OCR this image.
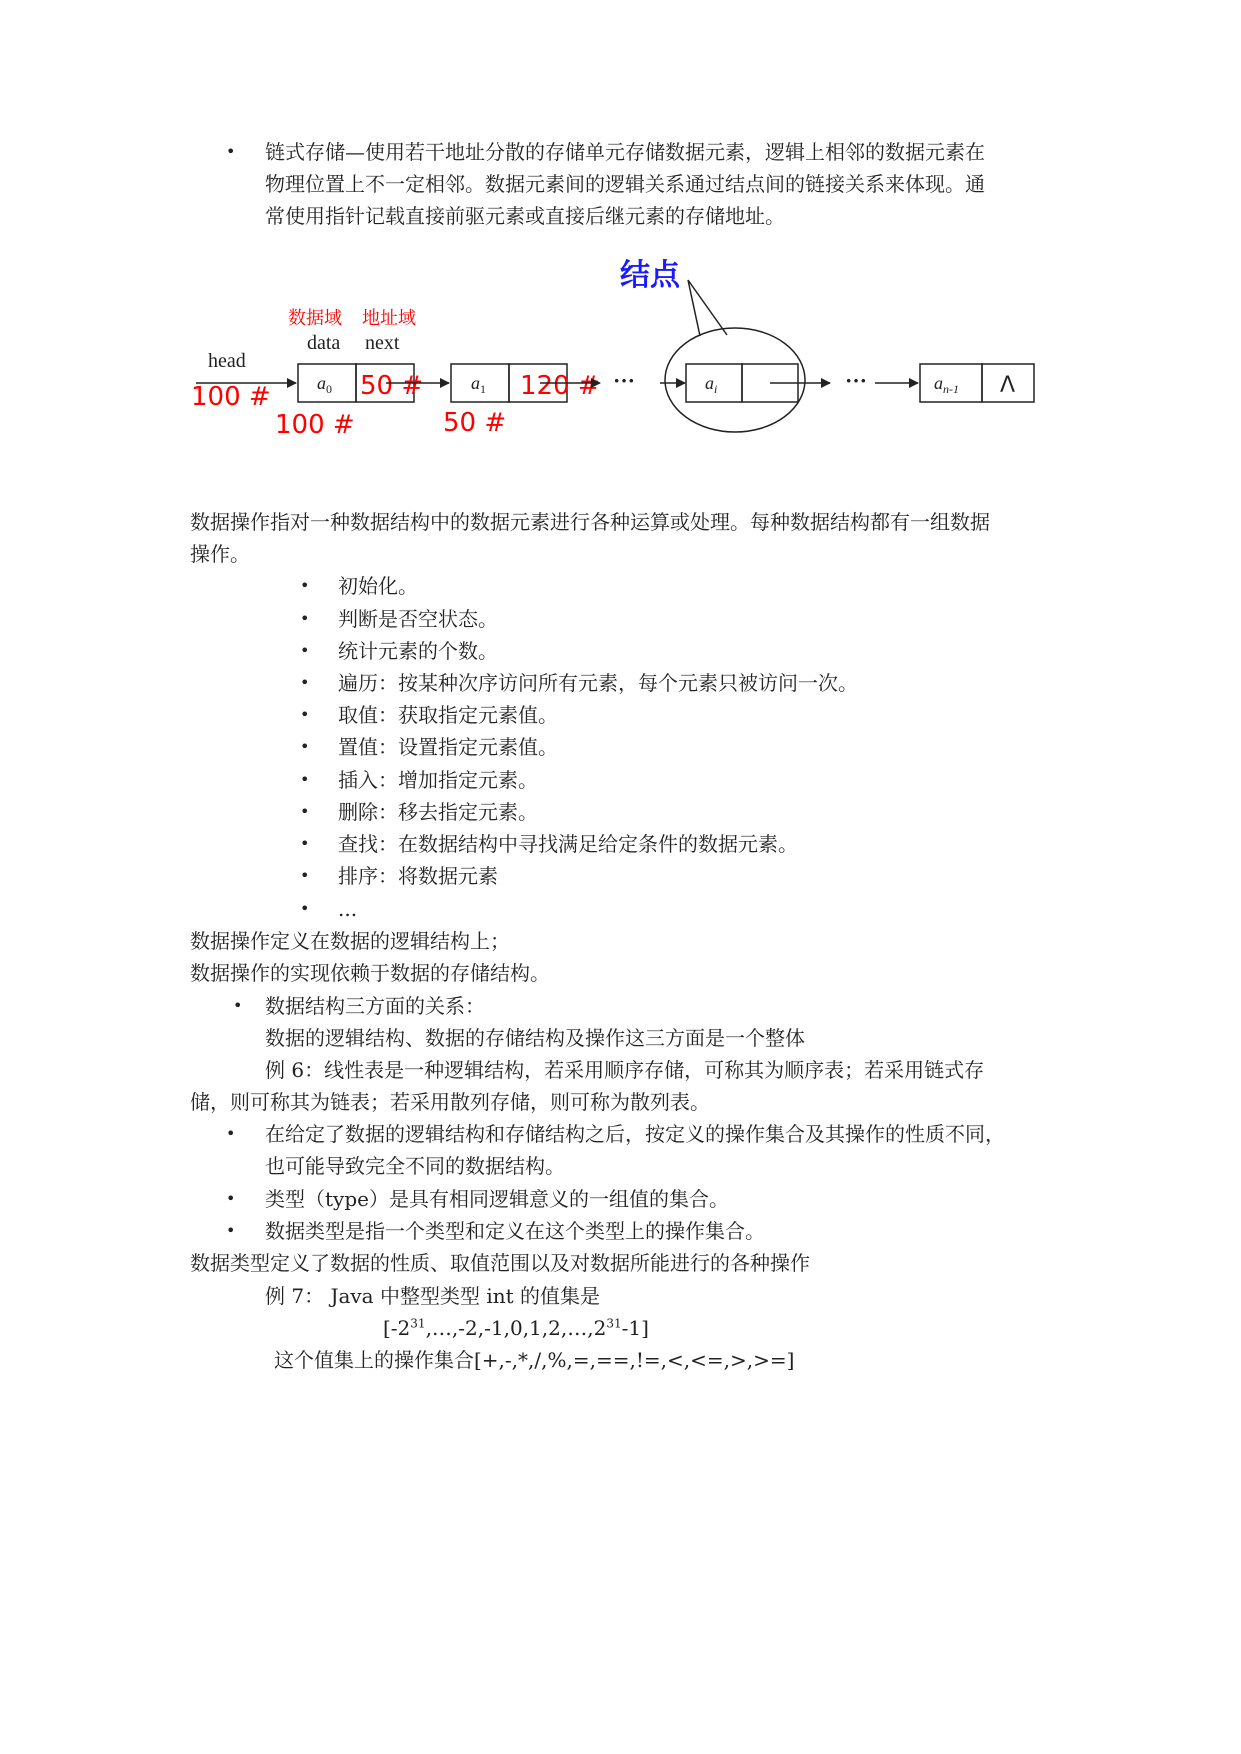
• 链式存储—使用若干地址分散的存储单元存储数据元素，逻辑上相邻的数据元素在
物理位置上不一定相邻。数据元素间的逻辑关系通过结点间的链接关系来体现。通
常使用指针记载直接前驱元素或直接后继元素的存储地址。
结点
数据域 地址域
data next
head
100 #	$a_0$ 50 #
100 #
$a_1$ 120 #
50 #
···	$a_i$	···	$a_{n-1}$ Λ
数据操作指对一种数据结构中的数据元素进行各种运算或处理。每种数据结构都有一组数据
操作。
• 初始化。
• 判断是否空状态。
• 统计元素的个数。
• 遍历：按某种次序访问所有元素，每个元素只被访问一次。
• 取值：获取指定元素值。
• 置值：设置指定元素值。
• 插入：增加指定元素。
• 删除：移去指定元素。
• 查找：在数据结构中寻找满足给定条件的数据元素。
• 排序：将数据元素
• ...
数据操作定义在数据的逻辑结构上；
数据操作的实现依赖于数据的存储结构。
• 数据结构三方面的关系：
数据的逻辑结构、数据的存储结构及操作这三方面是一个整体
例 6：线性表是一种逻辑结构，若采用顺序存储，可称其为顺序表；若采用链式存
储，则可称其为链表；若采用散列存储，则可称为散列表。
• 在给定了数据的逻辑结构和存储结构之后，按定义的操作集合及其操作的性质不同，
也可能导致完全不同的数据结构。
• 类型（type）是具有相同逻辑意义的一组值的集合。
• 数据类型是指一个类型和定义在这个类型上的操作集合。
数据类型定义了数据的性质、取值范围以及对数据所能进行的各种操作
例 7： Java 中整型类型 int 的值集是
$[-2^{31},\dots,-2,-1,0,1,2,\dots,2^{31}-1]$
这个值集上的操作集合[+,-,*,/,%,=,==,!=,<,<=,>,>=]
